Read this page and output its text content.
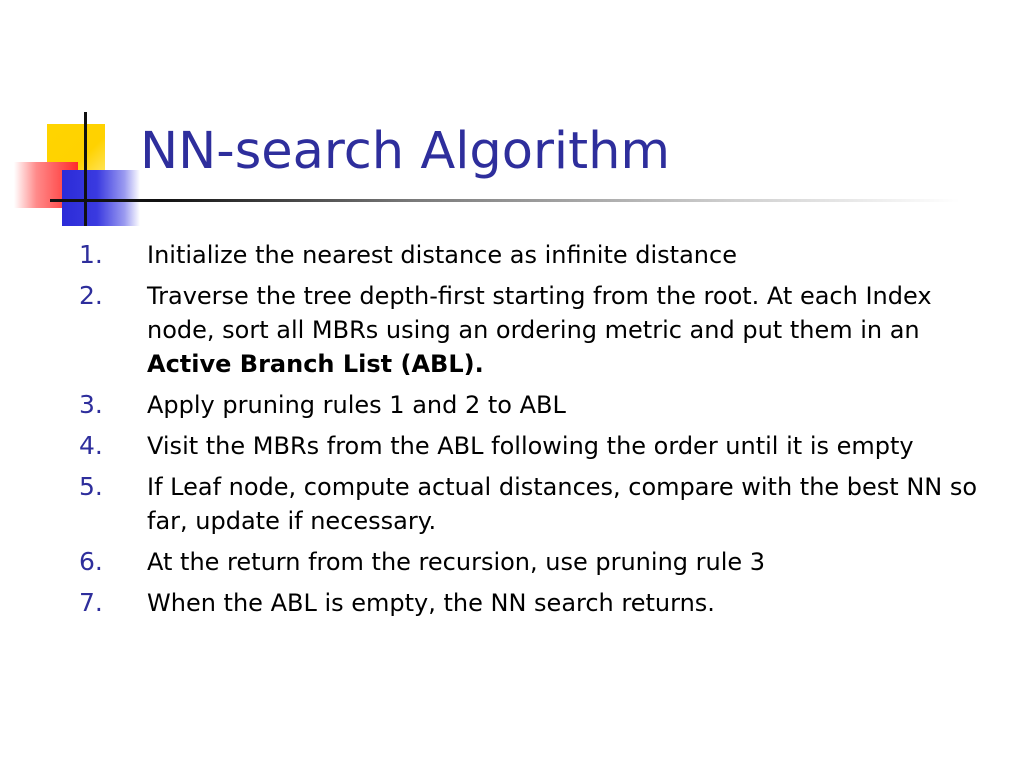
NN-search Algorithm
1.	Initialize the nearest distance as infinite distance
2.	Traverse the tree depth-first starting from the root. At each Index node, sort all MBRs using an ordering metric and put them in an Active Branch List (ABL).
3.	Apply pruning rules 1 and 2 to ABL
4.	Visit the MBRs from the ABL following the order until it is empty
5.	If Leaf node, compute actual distances, compare with the best NN so far, update if necessary.
6.	At the return from the recursion, use pruning rule 3
7.	When the ABL is empty, the NN search returns.
